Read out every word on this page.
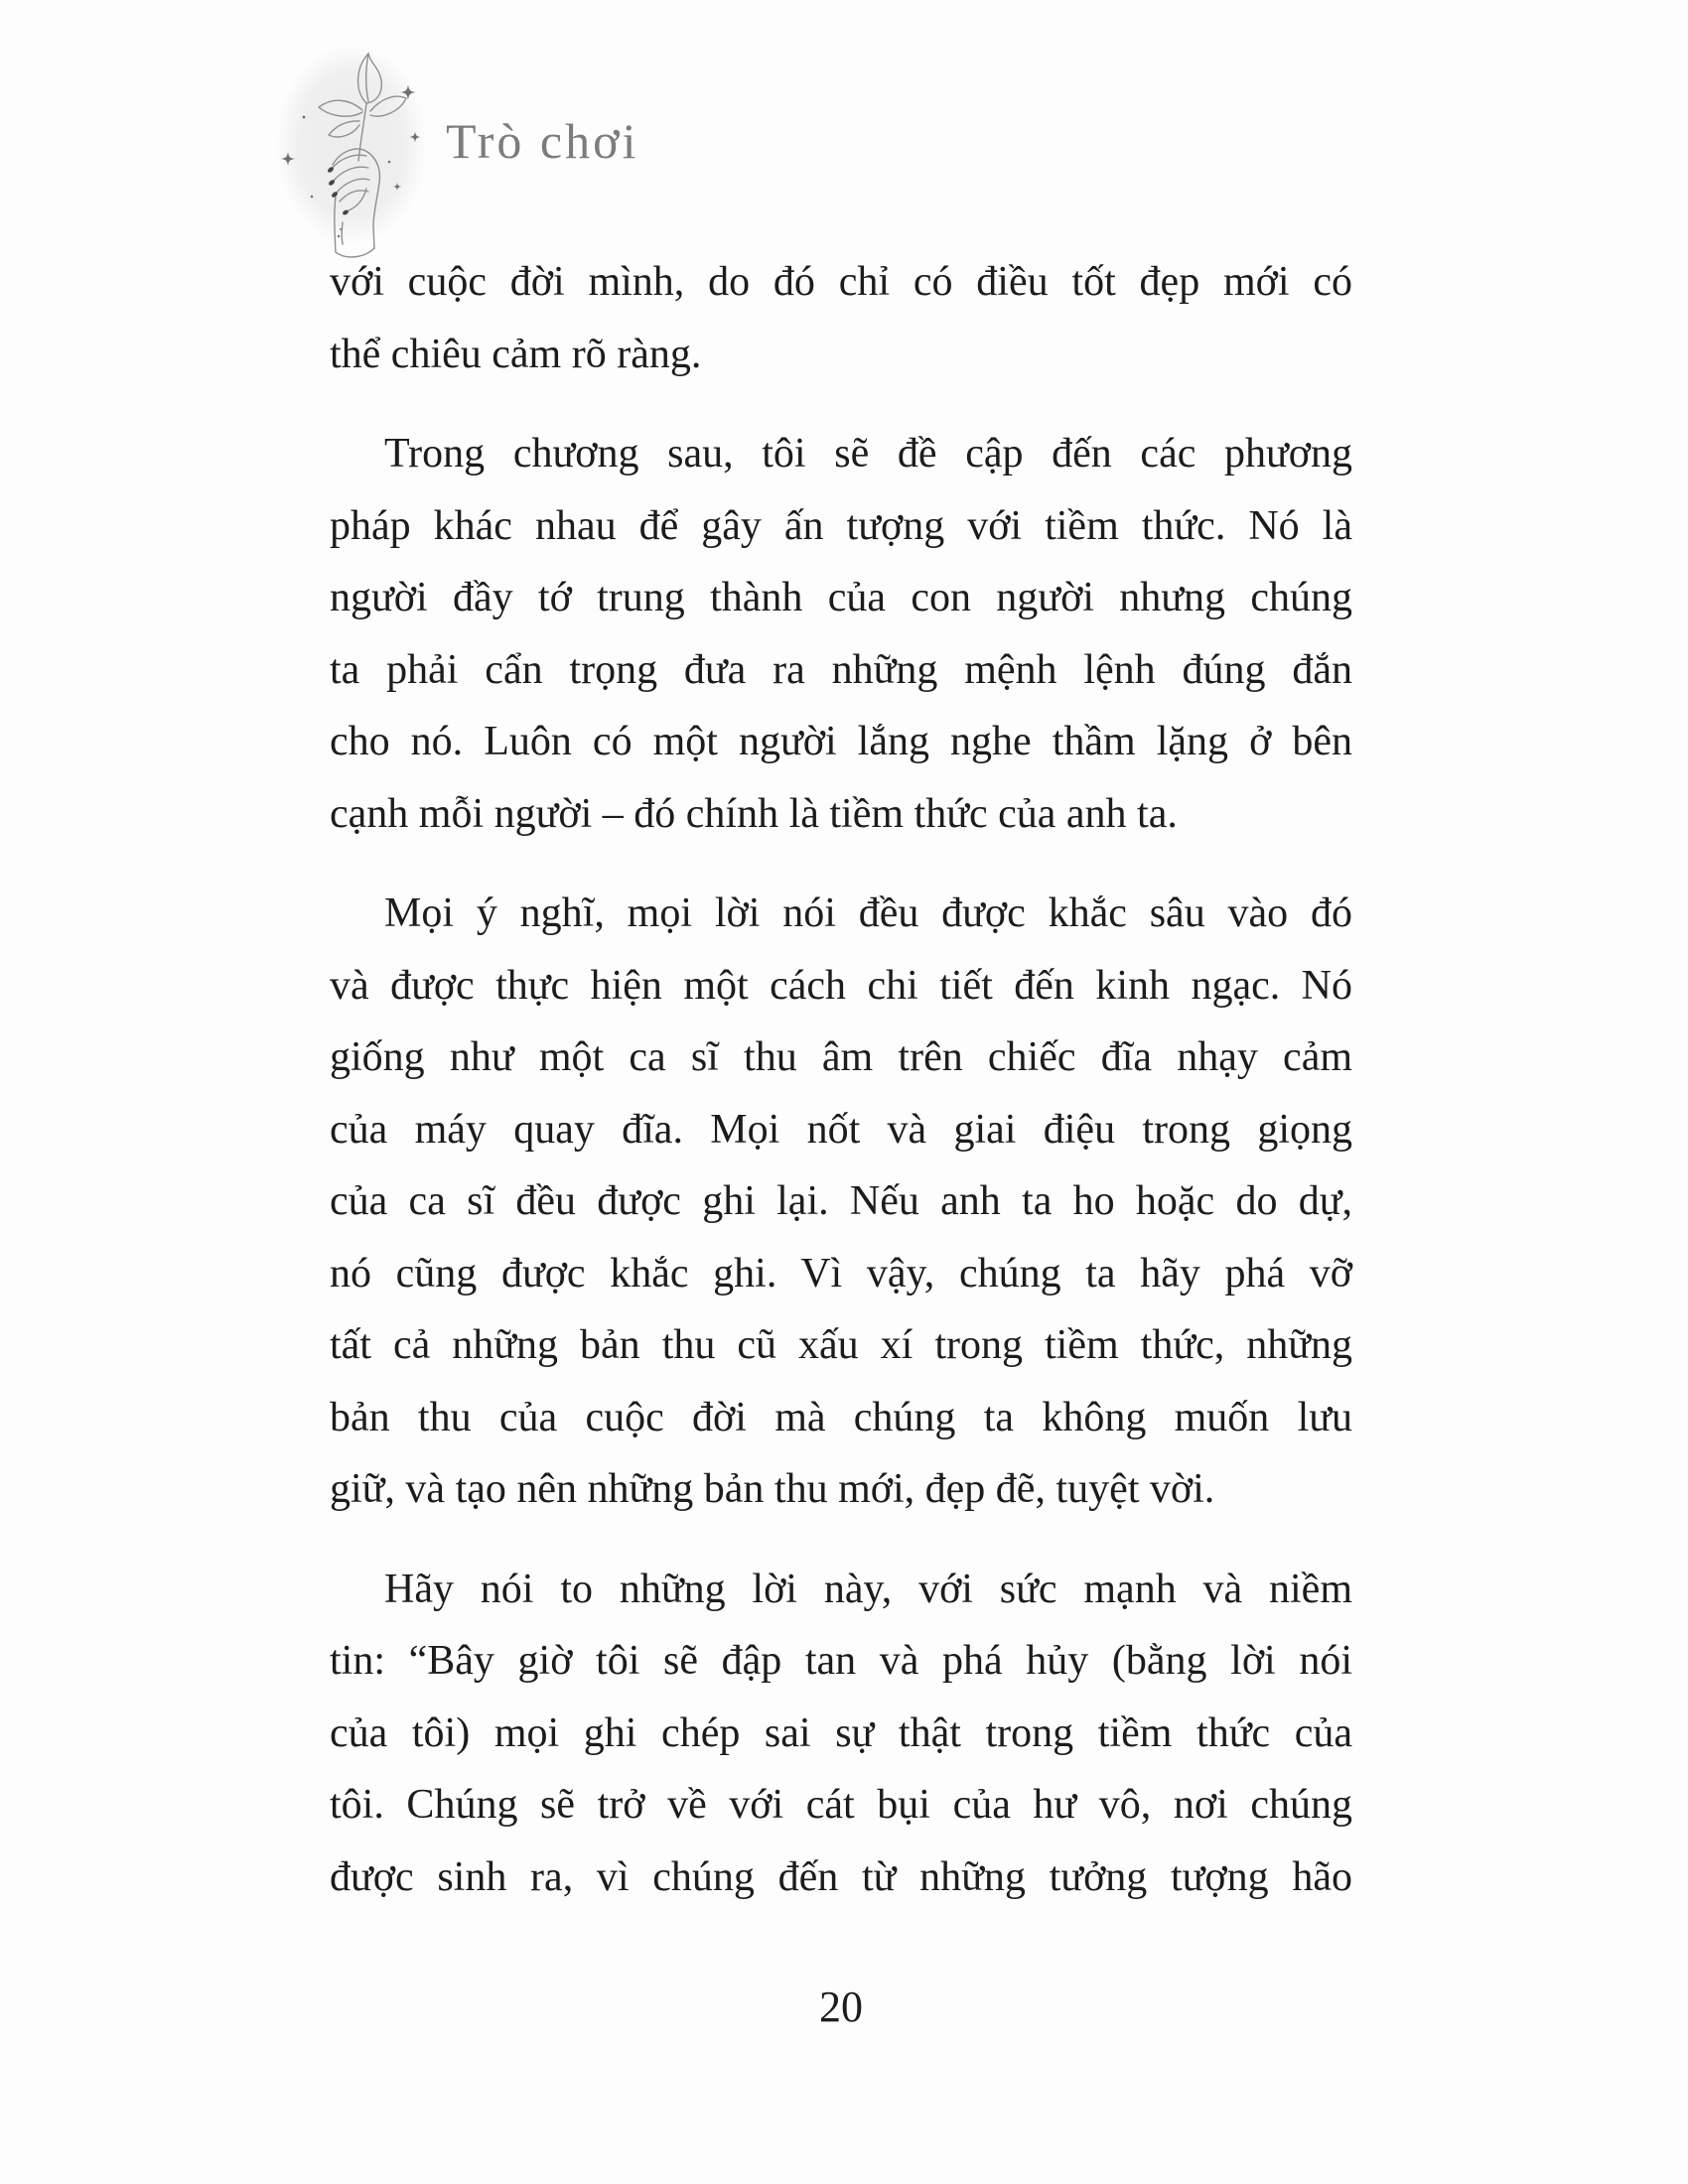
Trò chơi
với cuộc đời mình, do đó chỉ có điều tốt đẹp mới có
thể chiêu cảm rõ ràng.
Trong chương sau, tôi sẽ đề cập đến các phương
pháp khác nhau để gây ấn tượng với tiềm thức. Nó là
người đầy tớ trung thành của con người nhưng chúng
ta phải cẩn trọng đưa ra những mệnh lệnh đúng đắn
cho nó. Luôn có một người lắng nghe thầm lặng ở bên
cạnh mỗi người – đó chính là tiềm thức của anh ta.
Mọi ý nghĩ, mọi lời nói đều được khắc sâu vào đó
và được thực hiện một cách chi tiết đến kinh ngạc. Nó
giống như một ca sĩ thu âm trên chiếc đĩa nhạy cảm
của máy quay đĩa. Mọi nốt và giai điệu trong giọng
của ca sĩ đều được ghi lại. Nếu anh ta ho hoặc do dự,
nó cũng được khắc ghi. Vì vậy, chúng ta hãy phá vỡ
tất cả những bản thu cũ xấu xí trong tiềm thức, những
bản thu của cuộc đời mà chúng ta không muốn lưu
giữ, và tạo nên những bản thu mới, đẹp đẽ, tuyệt vời.
Hãy nói to những lời này, với sức mạnh và niềm
tin: “Bây giờ tôi sẽ đập tan và phá hủy (bằng lời nói
của tôi) mọi ghi chép sai sự thật trong tiềm thức của
tôi. Chúng sẽ trở về với cát bụi của hư vô, nơi chúng
được sinh ra, vì chúng đến từ những tưởng tượng hão
20
